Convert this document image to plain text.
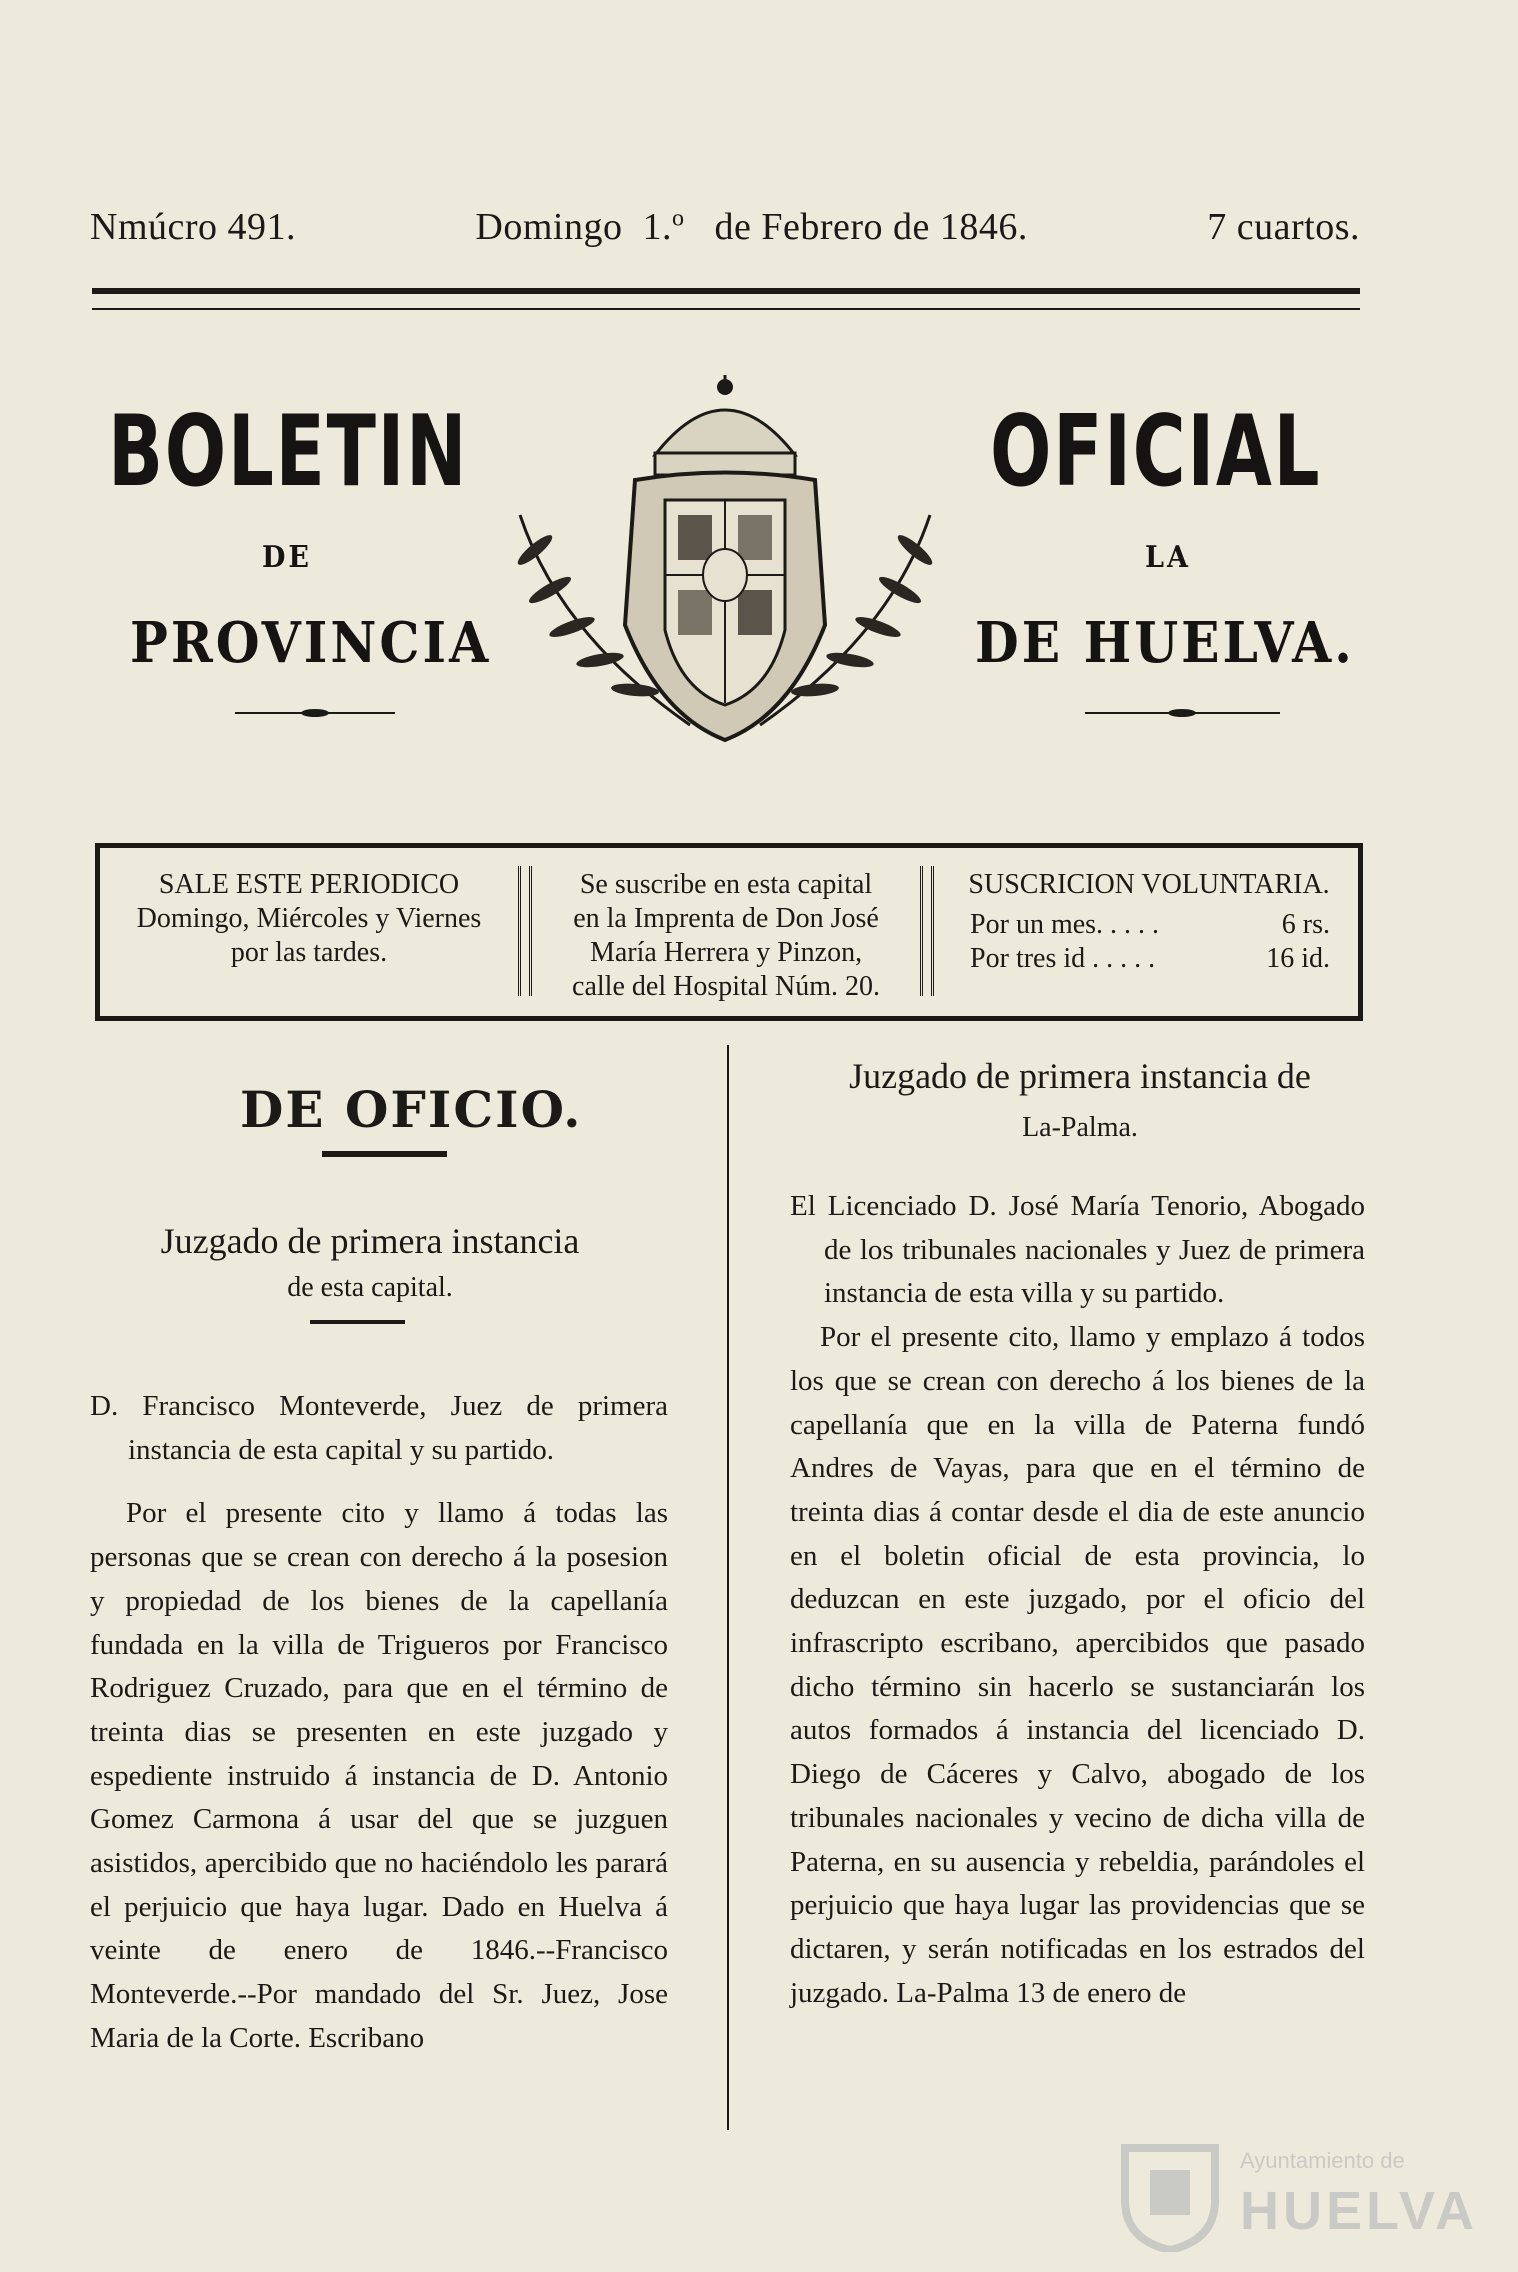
Nmúcro 491.	Domingo 1.$^o$ de Febrero de 1846.	7 cuartos.
BOLETIN	OFICIAL
DE	LA
PROVINCIA	DE HUELVA.
SALE ESTE PERIODICO
Domingo, Miércoles y Viernes
por las tardes.
Se suscribe en esta capital
en la Imprenta de Don José
María Herrera y Pinzon,
calle del Hospital Núm. 20.
SUSCRICION VOLUNTARIA.
Por un mes. . . . .	6 rs.
Por tres id . . . . .	16 id.
DE OFICIO.
Juzgado de primera instancia
de esta capital.

D. Francisco Monteverde, Juez de primera instancia de esta capital y su partido.

Por el presente cito y llamo á todas las personas que se crean con derecho á la posesion y propiedad de los bienes de la capellanía fundada en la villa de Trigueros por Francisco Rodriguez Cruzado, para que en el término de treinta dias se presenten en este juzgado y espediente instruido á instancia de D. Antonio Gomez Carmona á usar del que se juzguen asistidos, apercibido que no haciéndolo les parará el perjuicio que haya lugar. Dado en Huelva á veinte de enero de 1846.--Francisco Monteverde.--Por mandado del Sr. Juez, Jose Maria de la Corte. Escribano

Juzgado de primera instancia de
La-Palma.

El Licenciado D. José María Tenorio, Abogado de los tribunales nacionales y Juez de primera instancia de esta villa y su partido.

Por el presente cito, llamo y emplazo á todos los que se crean con derecho á los bienes de la capellanía que en la villa de Paterna fundó Andres de Vayas, para que en el término de treinta dias á contar desde el dia de este anuncio en el boletin oficial de esta provincia, lo deduzcan en este juzgado, por el oficio del infrascripto escribano, apercibidos que pasado dicho término sin hacerlo se sustanciarán los autos formados á instancia del licenciado D. Diego de Cáceres y Calvo, abogado de los tribunales nacionales y vecino de dicha villa de Paterna, en su ausencia y rebeldia, parándoles el perjuicio que haya lugar las providencias que se dictaren, y serán notificadas en los estrados del juzgado. La-Palma 13 de enero de

Ayuntamiento de
HUELVA
